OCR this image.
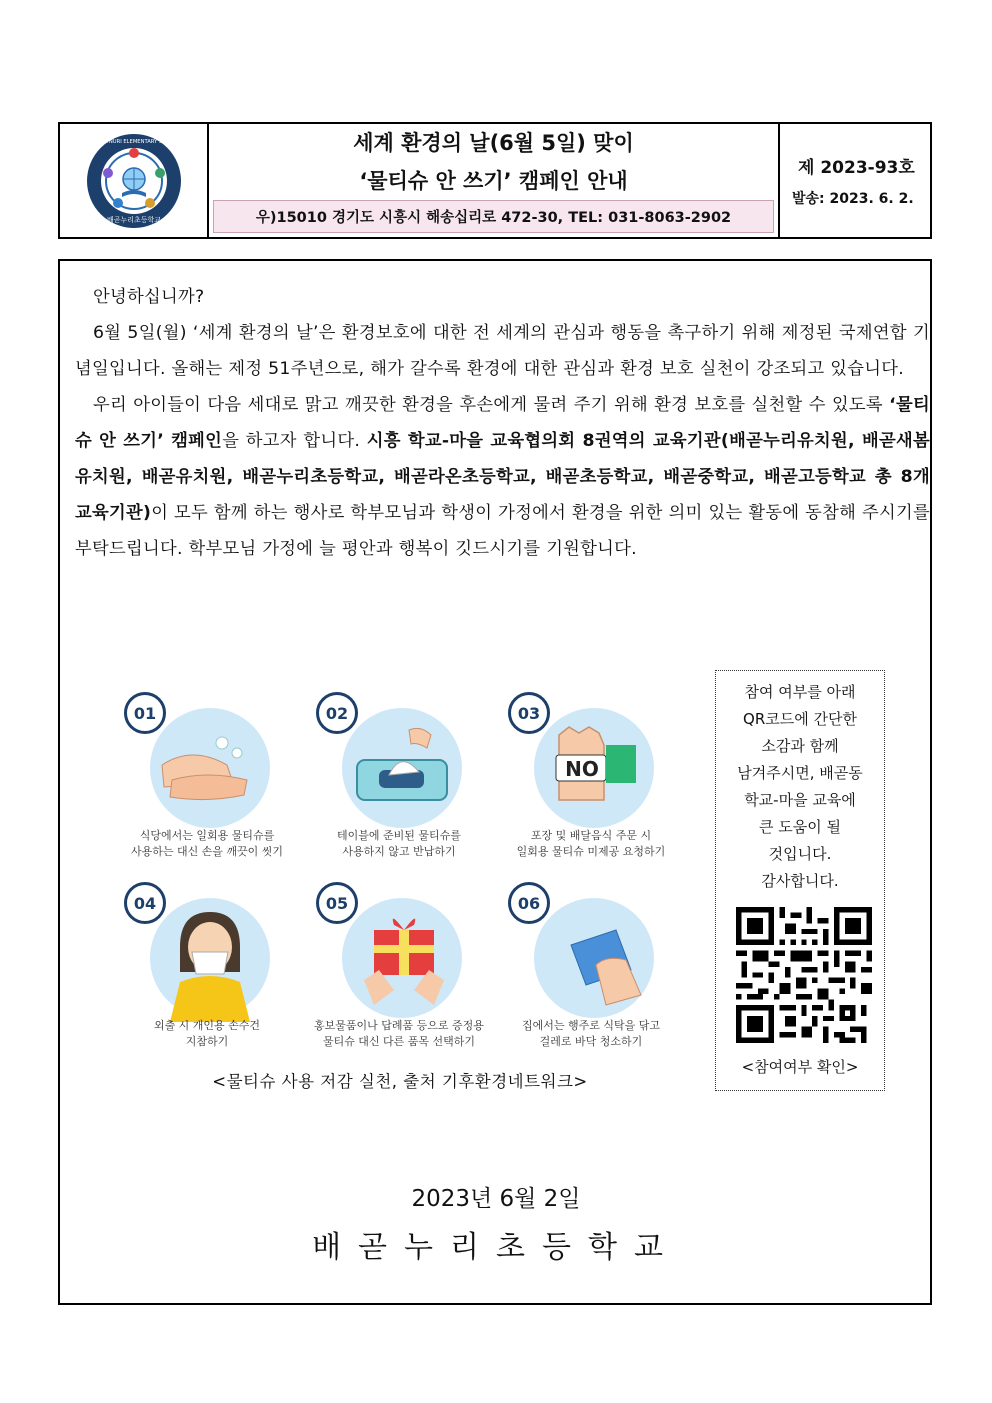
배곧누리초등학교
BAEGOTNURI ELEMENTARY SCHOOL	세계 환경의 날(6월 5일) 맞이
‘물티슈 안 쓰기’ 캠페인 안내
우)15010 경기도 시흥시 해송십리로 472-30, TEL: 031-8063-2902
제 2023-93호
발송: 2023. 6. 2.

안녕하십니까?

6월 5일(월) ‘세계 환경의 날’은 환경보호에 대한 전 세계의 관심과 행동을 촉구하기 위해 제정된 국제연합 기념일입니다. 올해는 제정 51주년으로, 해가 갈수록 환경에 대한 관심과 환경 보호 실천이 강조되고 있습니다.

우리 아이들이 다음 세대로 맑고 깨끗한 환경을 후손에게 물려 주기 위해 환경 보호를 실천할 수 있도록 ‘물티슈 안 쓰기’ 캠페인을 하고자 합니다. 시흥 학교-마을 교육협의회 8권역의 교육기관(배곧누리유치원, 배곧새봄유치원, 배곧유치원, 배곧누리초등학교, 배곧라온초등학교, 배곧초등학교, 배곧중학교, 배곧고등학교 총 8개 교육기관)이 모두 함께 하는 행사로 학부모님과 학생이 가정에서 환경을 위한 의미 있는 활동에 동참해 주시기를 부탁드립니다. 학부모님 가정에 늘 평안과 행복이 깃드시기를 기원합니다.

01
식당에서는 일회용 물티슈를
사용하는 대신 손을 깨끗이 씻기
02
테이블에 준비된 물티슈를
사용하지 않고 반납하기
NO
03
포장 및 배달음식 주문 시
일회용 물티슈 미제공 요청하기
04
외출 시 개인용 손수건
지참하기
05
홍보물품이나 답례품 등으로 증정용
물티슈 대신 다른 품목 선택하기
06
집에서는 행주로 식탁을 닦고
걸레로 바닥 청소하기
<물티슈 사용 저감 실천, 출처 기후환경네트워크>
참여 여부를 아래
QR코드에 간단한
소감과 함께
남겨주시면, 배곧동
학교-마을 교육에
큰 도움이 될
것입니다.
감사합니다.
<참여여부 확인>
2023년 6월 2일
배곧누리초등학교
